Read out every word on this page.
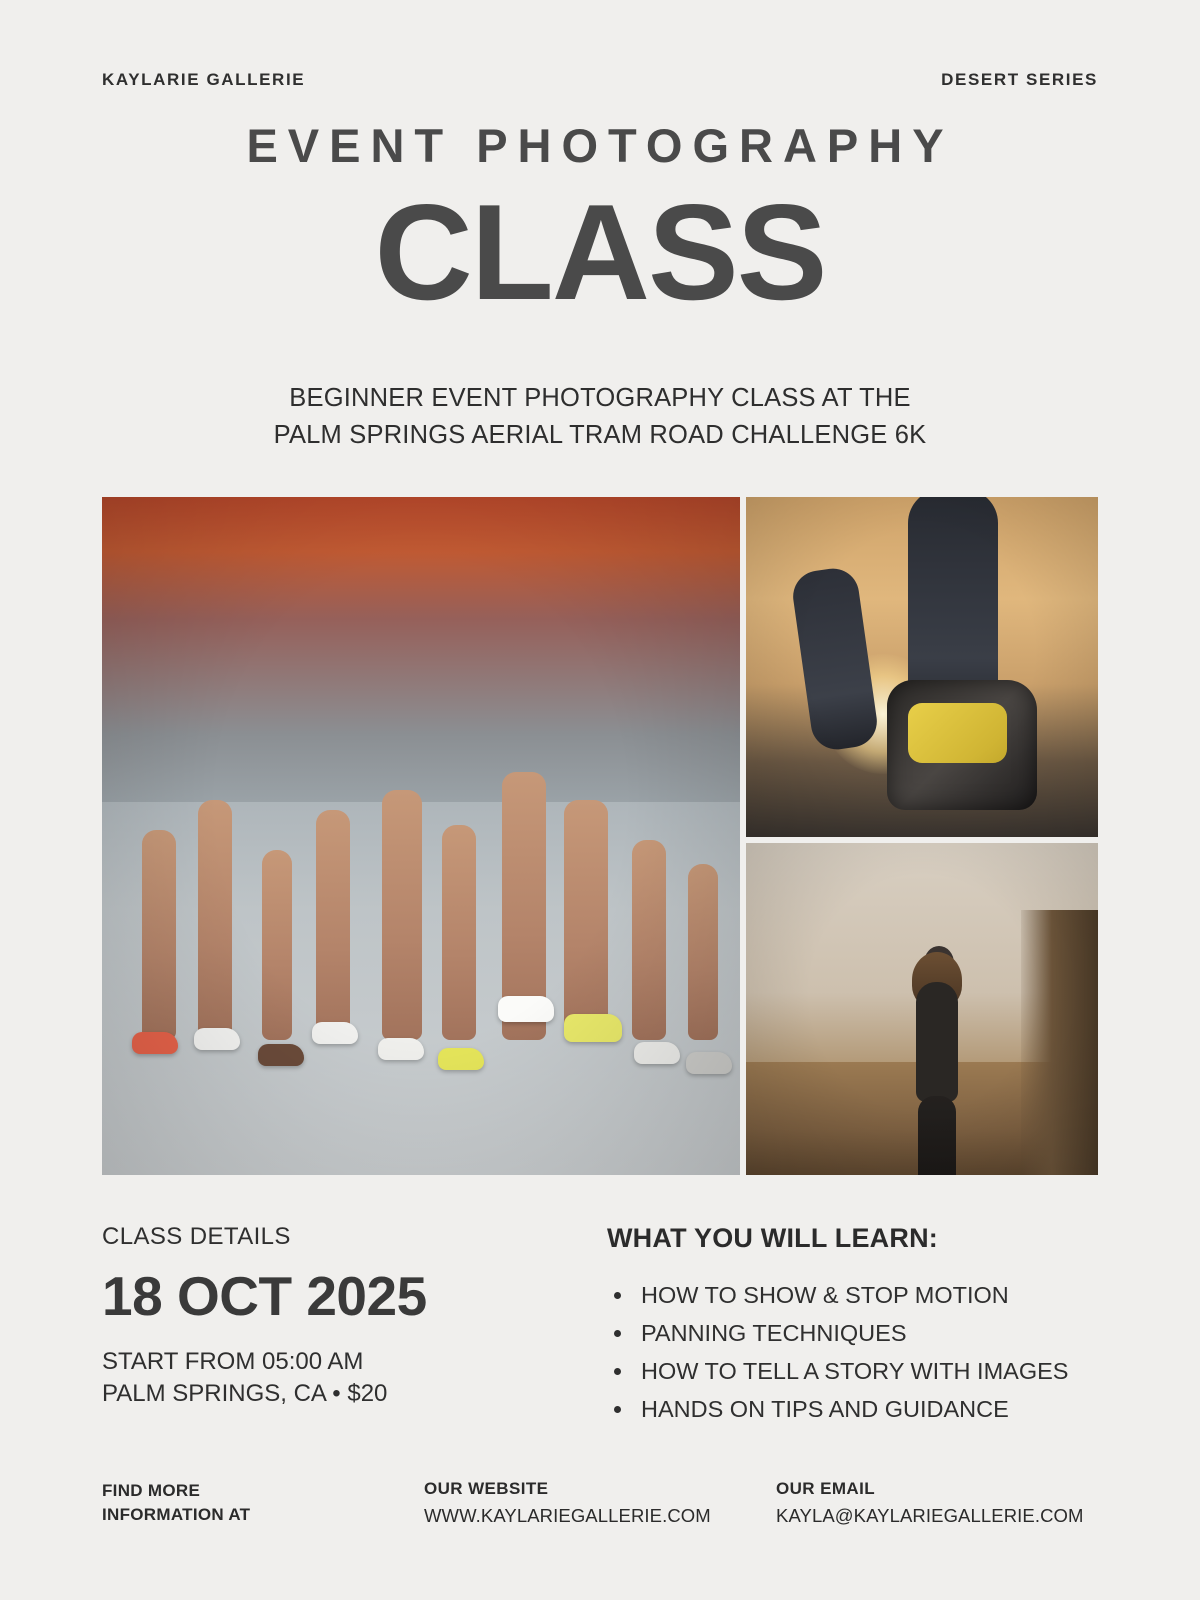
KAYLARIE GALLERIE	DESERT SERIES
EVENT PHOTOGRAPHY
CLASS
BEGINNER EVENT PHOTOGRAPHY CLASS AT THE
PALM SPRINGS AERIAL TRAM ROAD CHALLENGE 6K
CLASS DETAILS
18 OCT 2025
START FROM 05:00 AM
PALM SPRINGS, CA • $20
WHAT YOU WILL LEARN:
• HOW TO SHOW & STOP MOTION
• PANNING TECHNIQUES
• HOW TO TELL A STORY WITH IMAGES
• HANDS ON TIPS AND GUIDANCE
FIND MORE
INFORMATION AT
OUR WEBSITE
WWW.KAYLARIEGALLERIE.COM
OUR EMAIL
KAYLA@KAYLARIEGALLERIE.COM
